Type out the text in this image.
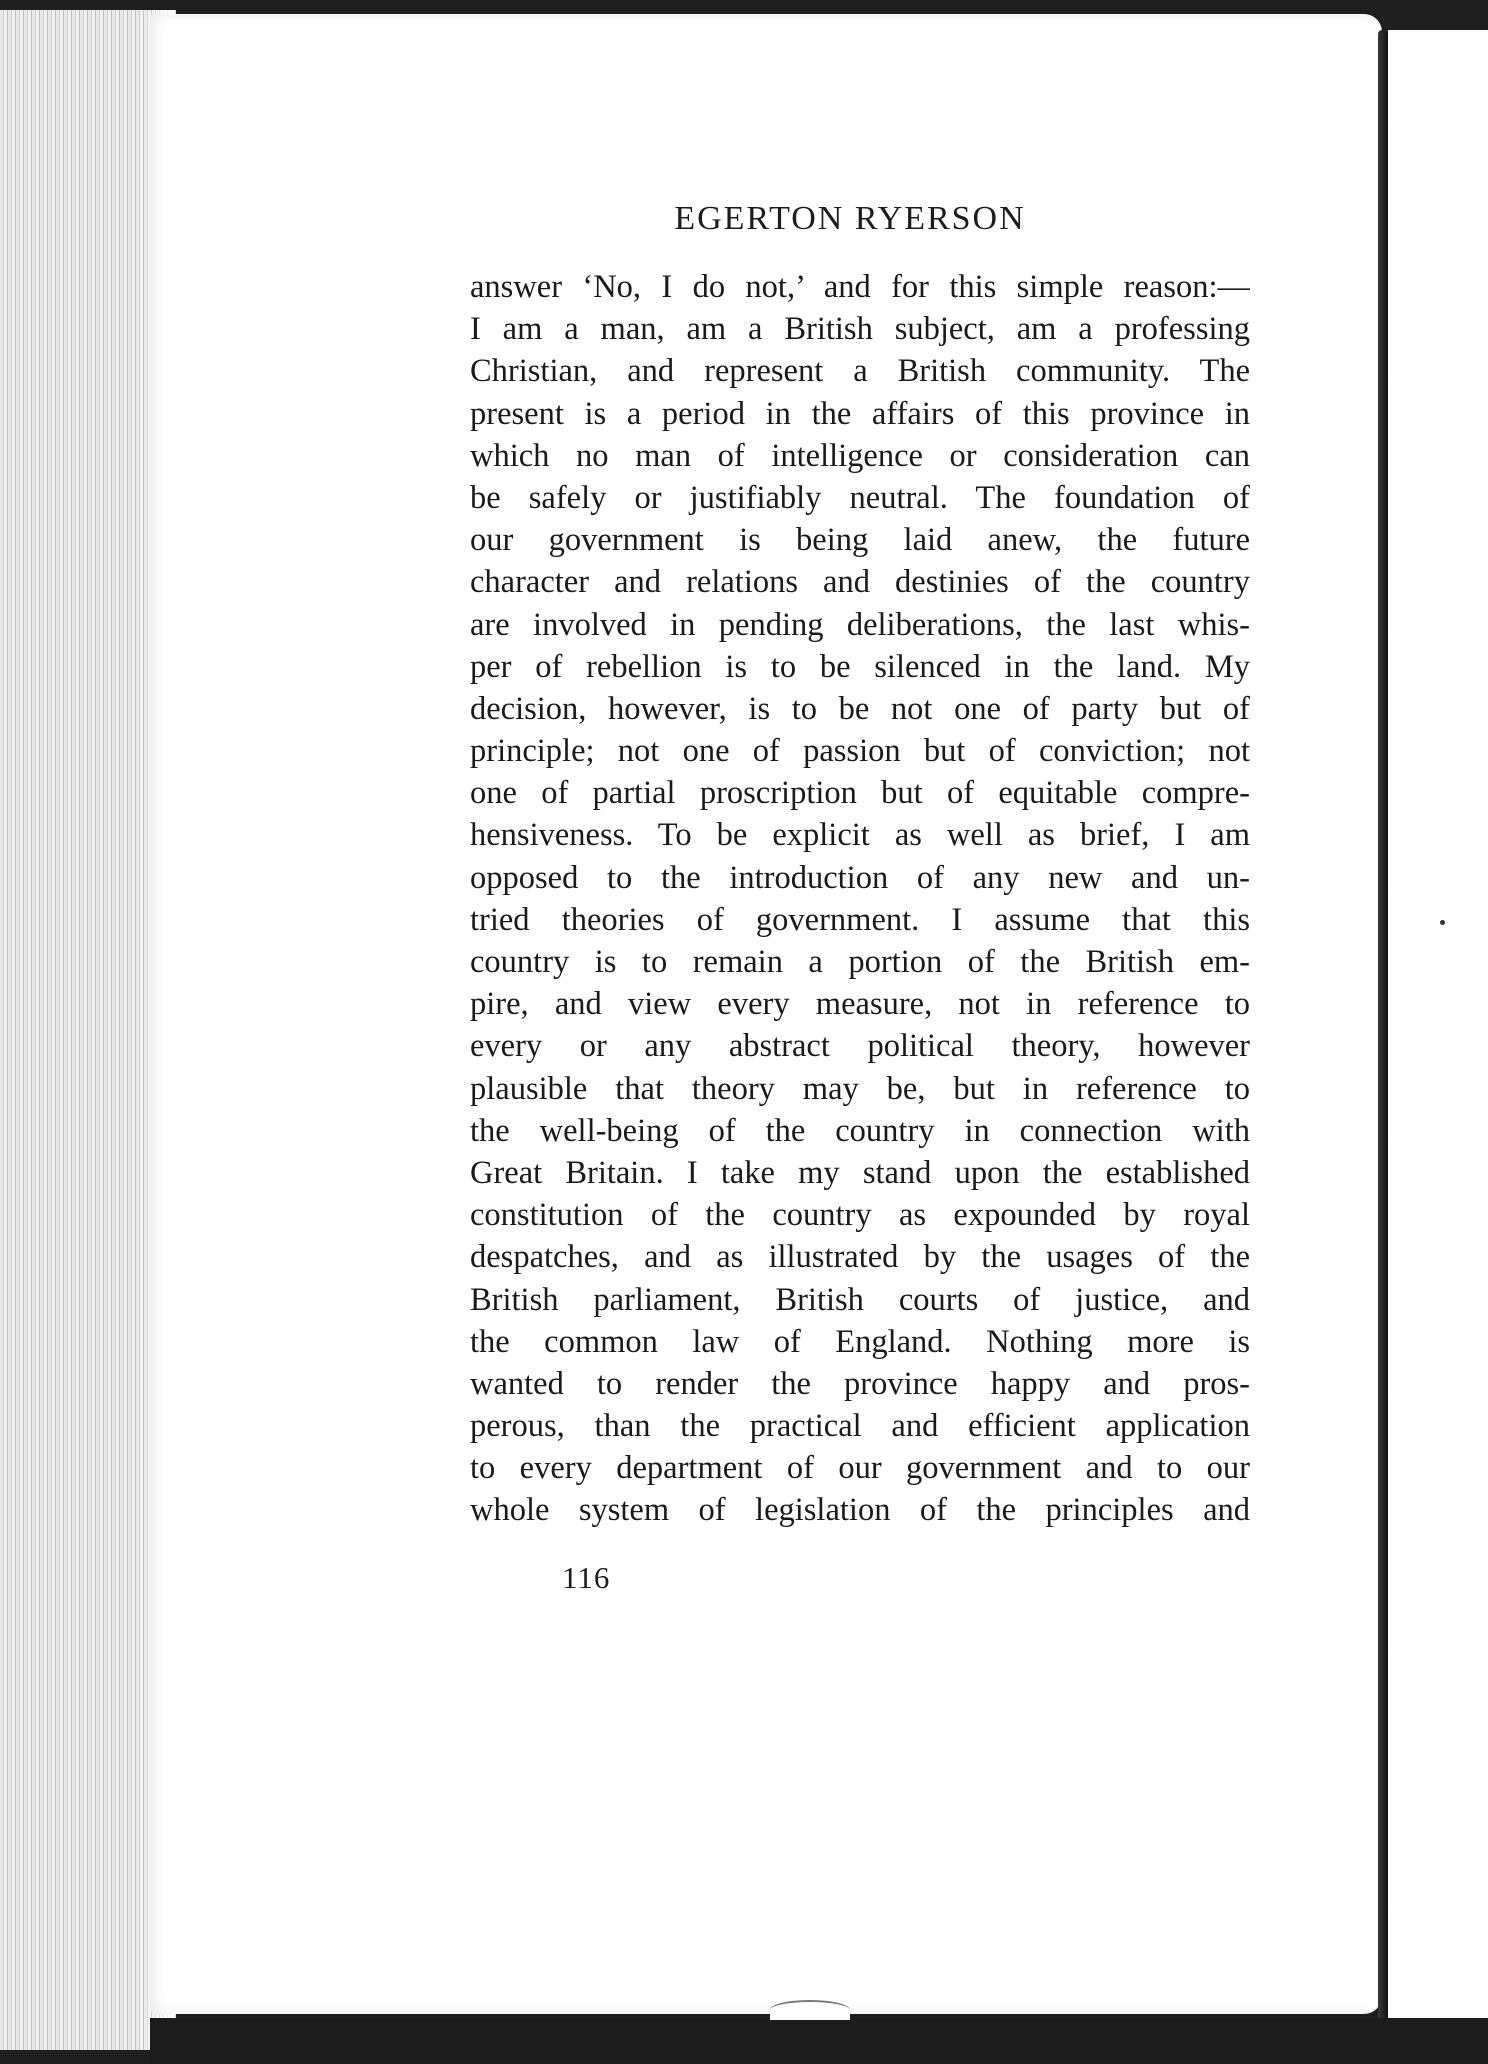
EGERTON RYERSON
answer ‘No, I do not,’ and for this simple reason:—
I am a man, am a British subject, am a professing
Christian, and represent a British community. The
present is a period in the affairs of this province in
which no man of intelligence or consideration can
be safely or justifiably neutral. The foundation of
our government is being laid anew, the future
character and relations and destinies of the country
are involved in pending deliberations, the last whis-
per of rebellion is to be silenced in the land. My
decision, however, is to be not one of party but of
principle; not one of passion but of conviction; not
one of partial proscription but of equitable compre-
hensiveness. To be explicit as well as brief, I am
opposed to the introduction of any new and un-
tried theories of government. I assume that this
country is to remain a portion of the British em-
pire, and view every measure, not in reference to
every or any abstract political theory, however
plausible that theory may be, but in reference to
the well-being of the country in connection with
Great Britain. I take my stand upon the established
constitution of the country as expounded by royal
despatches, and as illustrated by the usages of the
British parliament, British courts of justice, and
the common law of England. Nothing more is
wanted to render the province happy and pros-
perous, than the practical and efficient application
to every department of our government and to our
whole system of legislation of the principles and
116
